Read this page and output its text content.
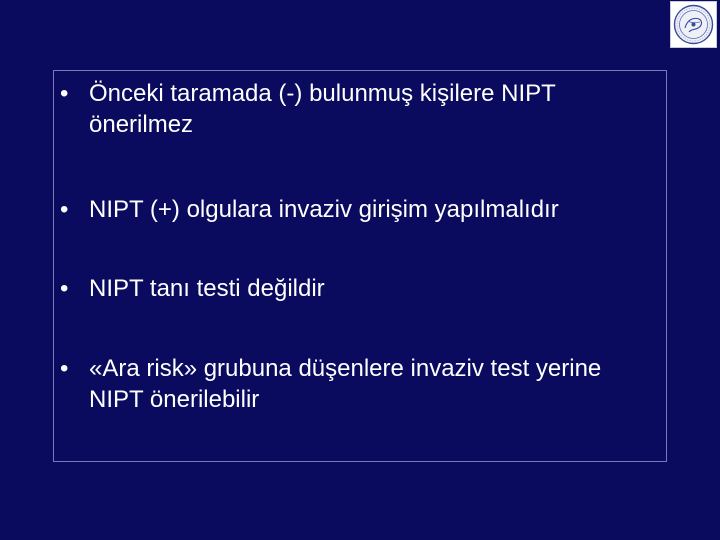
• Önceki taramada (-) bulunmuş kişilere NIPT önerilmez
• NIPT (+) olgulara invaziv girişim yapılmalıdır
• NIPT tanı testi değildir
• «Ara risk» grubuna düşenlere invaziv test yerine NIPT önerilebilir
